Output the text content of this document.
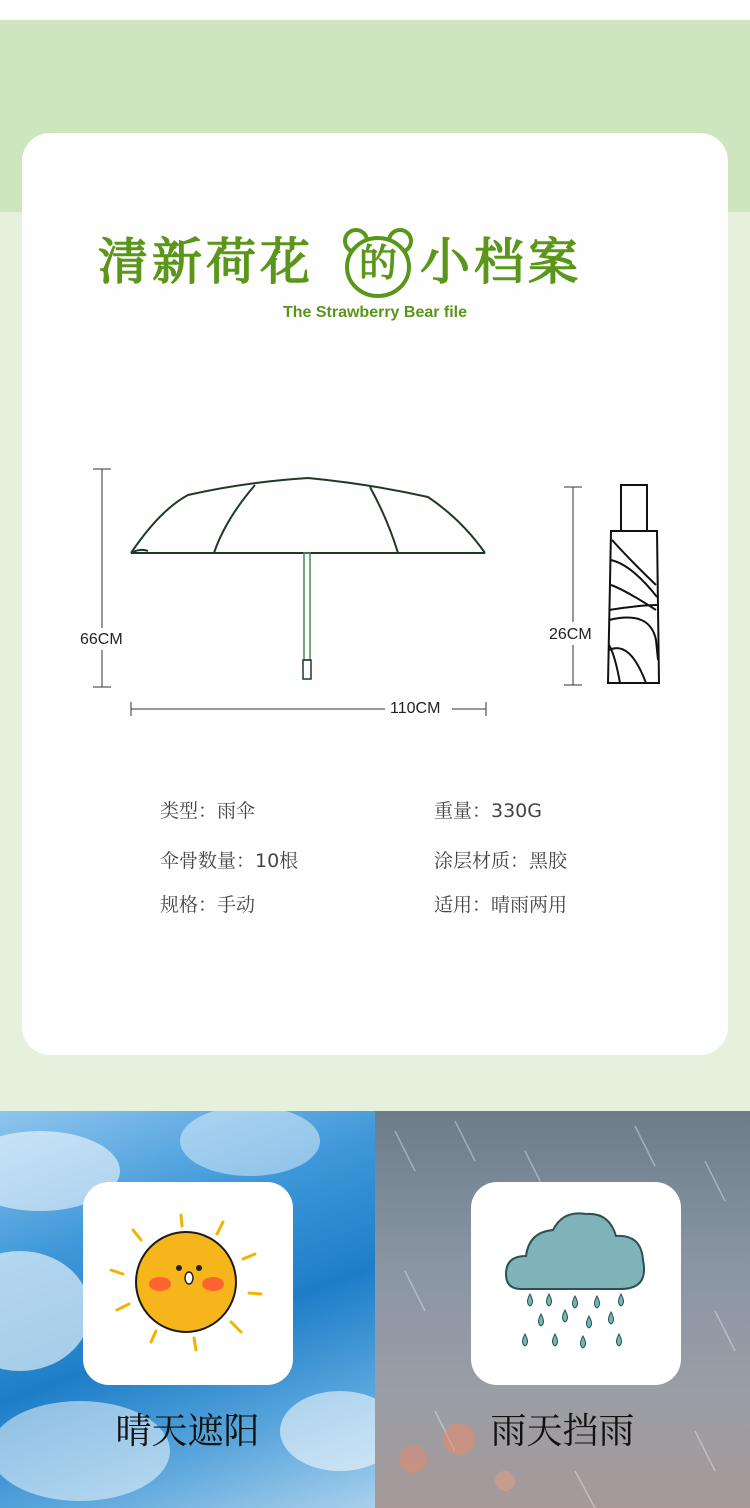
清新荷花	的 小档案
The Strawberry Bear file
66CM
110CM
26CM
类型：雨伞	重量：330G
伞骨数量：10根	涂层材质：黑胶
规格：手动	适用：晴雨两用
晴天遮阳	雨天挡雨
